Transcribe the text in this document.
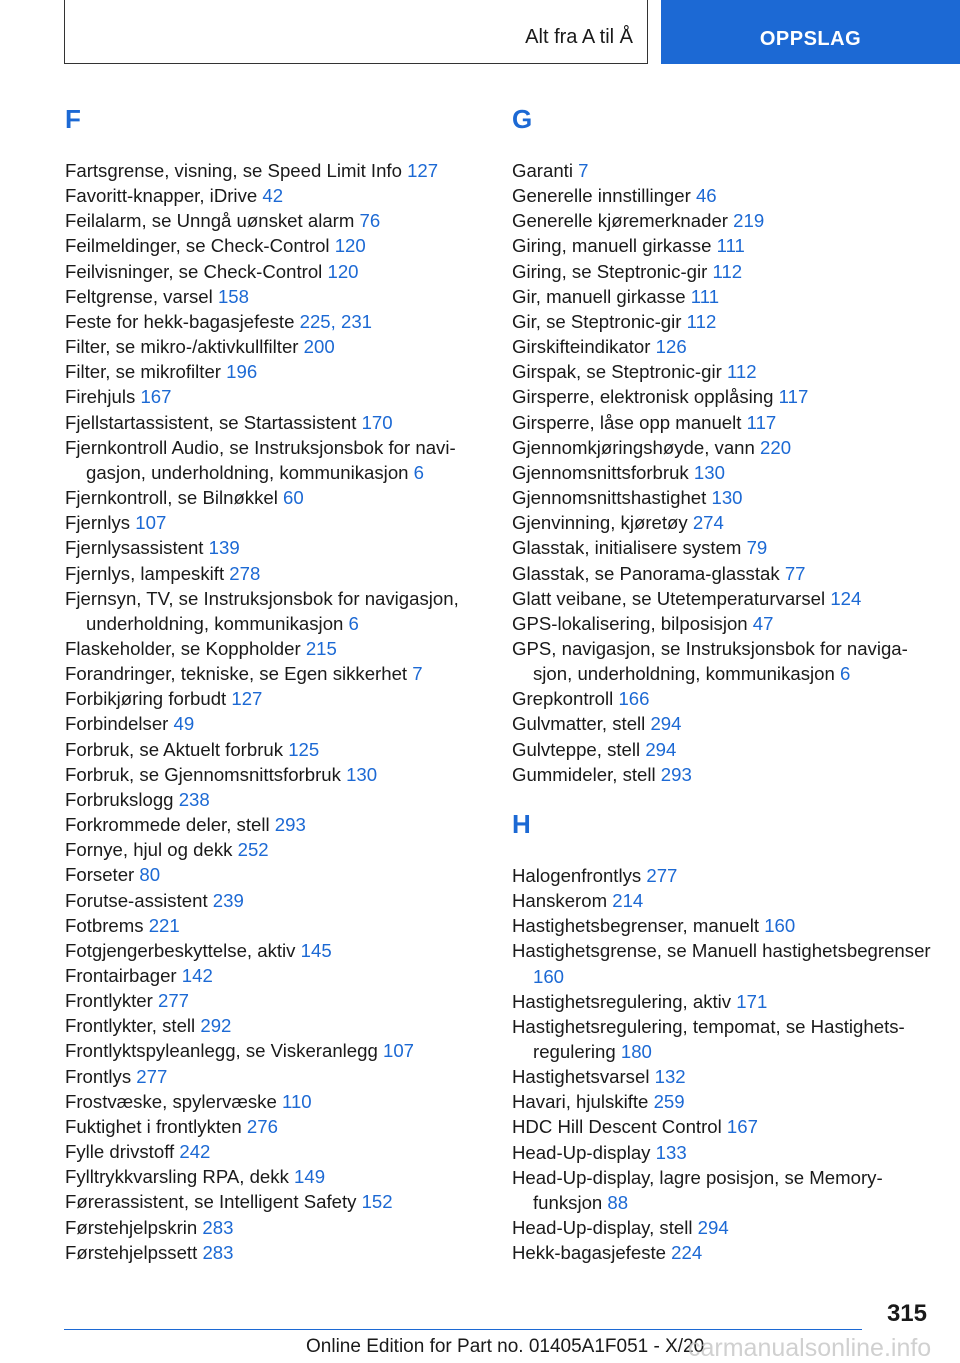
Alt fra A til Å	OPPSLAG
F
Fartsgrense, visning, se Speed Limit Info 127
Favoritt-knapper, iDrive 42
Feilalarm, se Unngå uønsket alarm 76
Feilmeldinger, se Check-Control 120
Feilvisninger, se Check-Control 120
Feltgrense, varsel 158
Feste for hekk-bagasjefeste 225, 231
Filter, se mikro-/aktivkullfilter 200
Filter, se mikrofilter 196
Firehjuls 167
Fjellstartassistent, se Startassistent 170
Fjernkontroll Audio, se Instruksjonsbok for navigasjon, underholdning, kommunikasjon 6
Fjernkontroll, se Bilnøkkel 60
Fjernlys 107
Fjernlysassistent 139
Fjernlys, lampeskift 278
Fjernsyn, TV, se Instruksjonsbok for navigasjon, underholdning, kommunikasjon 6
Flaskeholder, se Koppholder 215
Forandringer, tekniske, se Egen sikkerhet 7
Forbikjøring forbudt 127
Forbindelser 49
Forbruk, se Aktuelt forbruk 125
Forbruk, se Gjennomsnittsforbruk 130
Forbrukslogg 238
Forkrommede deler, stell 293
Fornye, hjul og dekk 252
Forseter 80
Forutse-assistent 239
Fotbrems 221
Fotgjengerbeskyttelse, aktiv 145
Frontairbager 142
Frontlykter 277
Frontlykter, stell 292
Frontlyktspyleanlegg, se Viskeranlegg 107
Frontlys 277
Frostvæske, spylervæske 110
Fuktighet i frontlykten 276
Fylle drivstoff 242
Fylltrykkvarsling RPA, dekk 149
Førerassistent, se Intelligent Safety 152
Førstehjelpskrin 283
Førstehjelpssett 283
G
Garanti 7
Generelle innstillinger 46
Generelle kjøremerknader 219
Giring, manuell girkasse 111
Giring, se Steptronic-gir 112
Gir, manuell girkasse 111
Gir, se Steptronic-gir 112
Girskifteindikator 126
Girspak, se Steptronic-gir 112
Girsperre, elektronisk opplåsing 117
Girsperre, låse opp manuelt 117
Gjennomkjøringshøyde, vann 220
Gjennomsnittsforbruk 130
Gjennomsnittshastighet 130
Gjenvinning, kjøretøy 274
Glasstak, initialisere system 79
Glasstak, se Panorama-glasstak 77
Glatt veibane, se Utetemperaturvarsel 124
GPS-lokalisering, bilposisjon 47
GPS, navigasjon, se Instruksjonsbok for navigasjon, underholdning, kommunikasjon 6
Grepkontroll 166
Gulvmatter, stell 294
Gulvteppe, stell 294
Gummideler, stell 293
H
Halogenfrontlys 277
Hanskerom 214
Hastighetsbegrenser, manuelt 160
Hastighetsgrense, se Manuell hastighetsbegrenser 160
Hastighetsregulering, aktiv 171
Hastighetsregulering, tempomat, se Hastighetsregulering 180
Hastighetsvarsel 132
Havari, hjulskifte 259
HDC Hill Descent Control 167
Head-Up-display 133
Head-Up-display, lagre posisjon, se Memory-funksjon 88
Head-Up-display, stell 294
Hekk-bagasjefeste 224
315
Online Edition for Part no. 01405A1F051 - X/20
carmanualsonline.info
